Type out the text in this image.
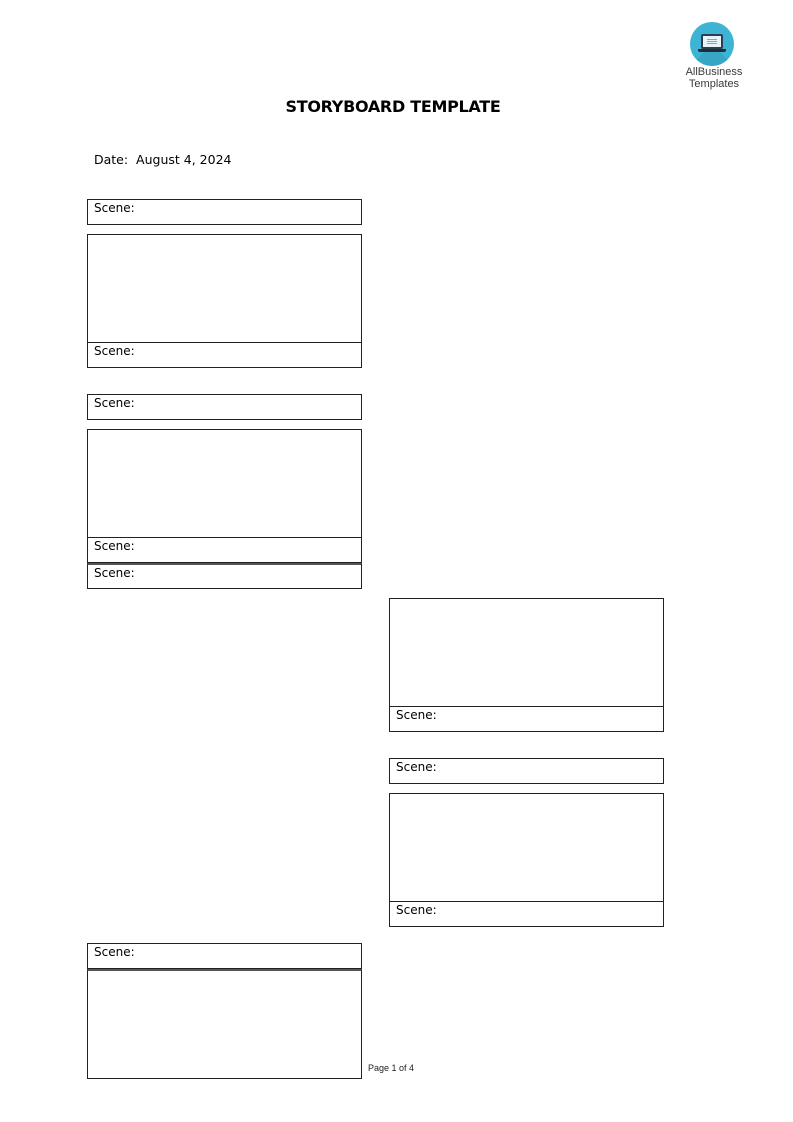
AllBusiness
Templates
STORYBOARD TEMPLATE
Date: August 4, 2024
Scene:
Scene:
Scene:
Scene:
Scene:
Scene:
Scene:
Scene:
Scene:
Page 1 of 4
